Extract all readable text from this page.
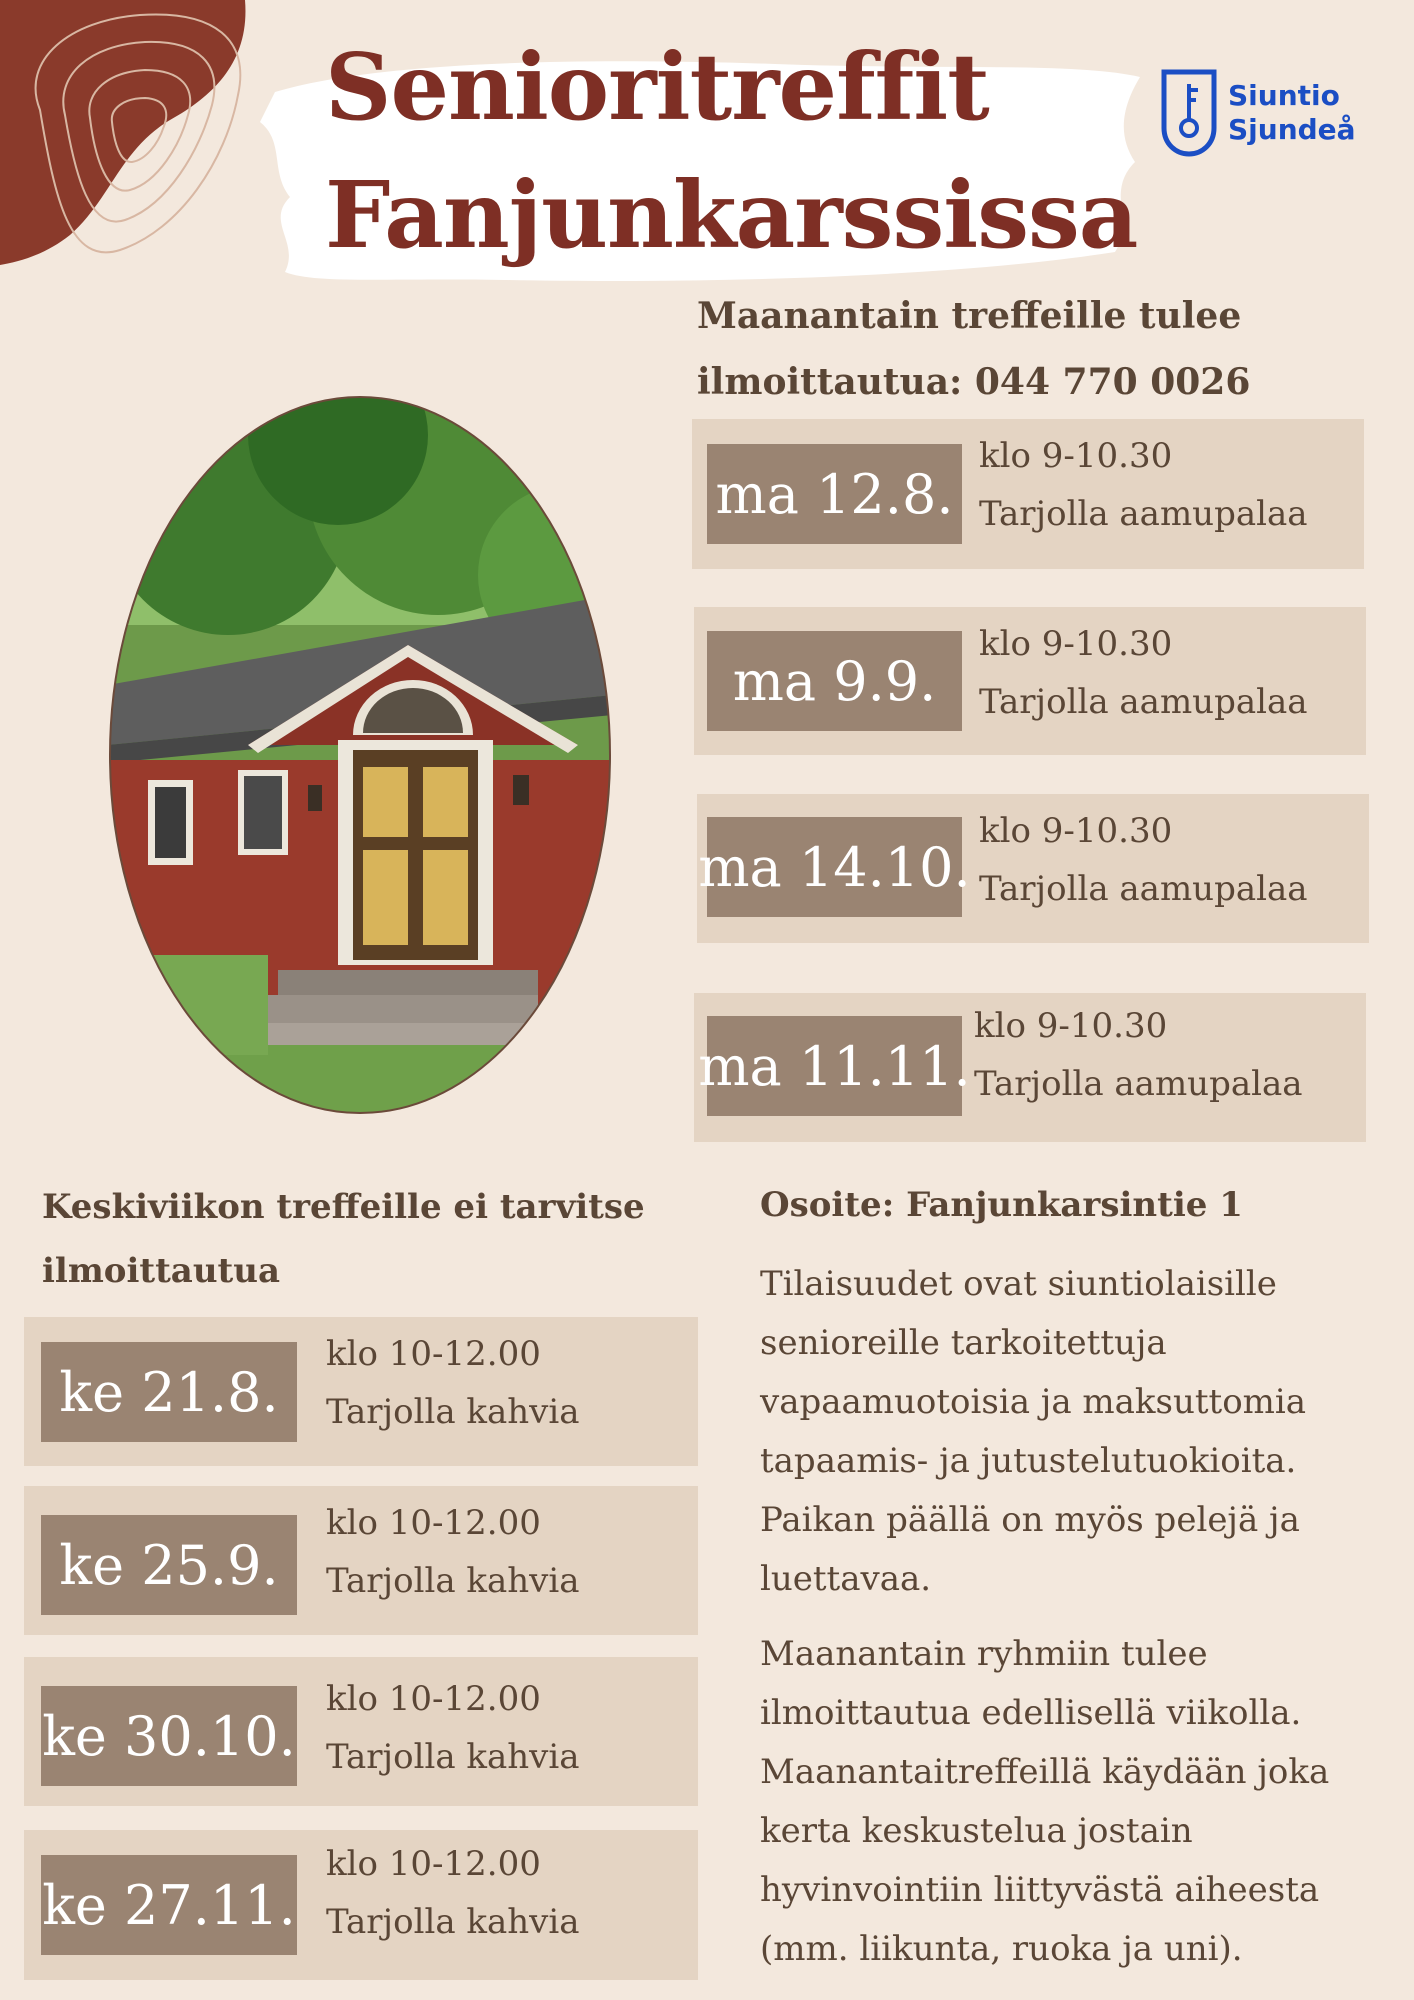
Senioritreffit
Fanjunkarssissa
Siuntio
Sjundeå
Maanantain treffeille tulee ilmoittautua: 044 770 0026
ma 12.8.
klo 9-10.30
Tarjolla aamupalaa
ma 9.9.
klo 9-10.30
Tarjolla aamupalaa
ma 14.10.
klo 9-10.30
Tarjolla aamupalaa
ma 11.11.
klo 9-10.30
Tarjolla aamupalaa
Keskiviikon treffeille ei tarvitse ilmoittautua
ke 21.8.
klo 10-12.00
Tarjolla kahvia
ke 25.9.
klo 10-12.00
Tarjolla kahvia
ke 30.10.
klo 10-12.00
Tarjolla kahvia
ke 27.11.
klo 10-12.00
Tarjolla kahvia
Osoite: Fanjunkarsintie 1
Tilaisuudet ovat siuntiolaisille senioreille tarkoitettuja vapaamuotoisia ja maksuttomia tapaamis- ja jutustelutuokioita. Paikan päällä on myös pelejä ja luettavaa.
Maanantain ryhmiin tulee ilmoittautua edellisellä viikolla. Maanantaitreffeillä käydään joka kerta keskustelua jostain hyvinvointiin liittyvästä aiheesta (mm. liikunta, ruoka ja uni).
